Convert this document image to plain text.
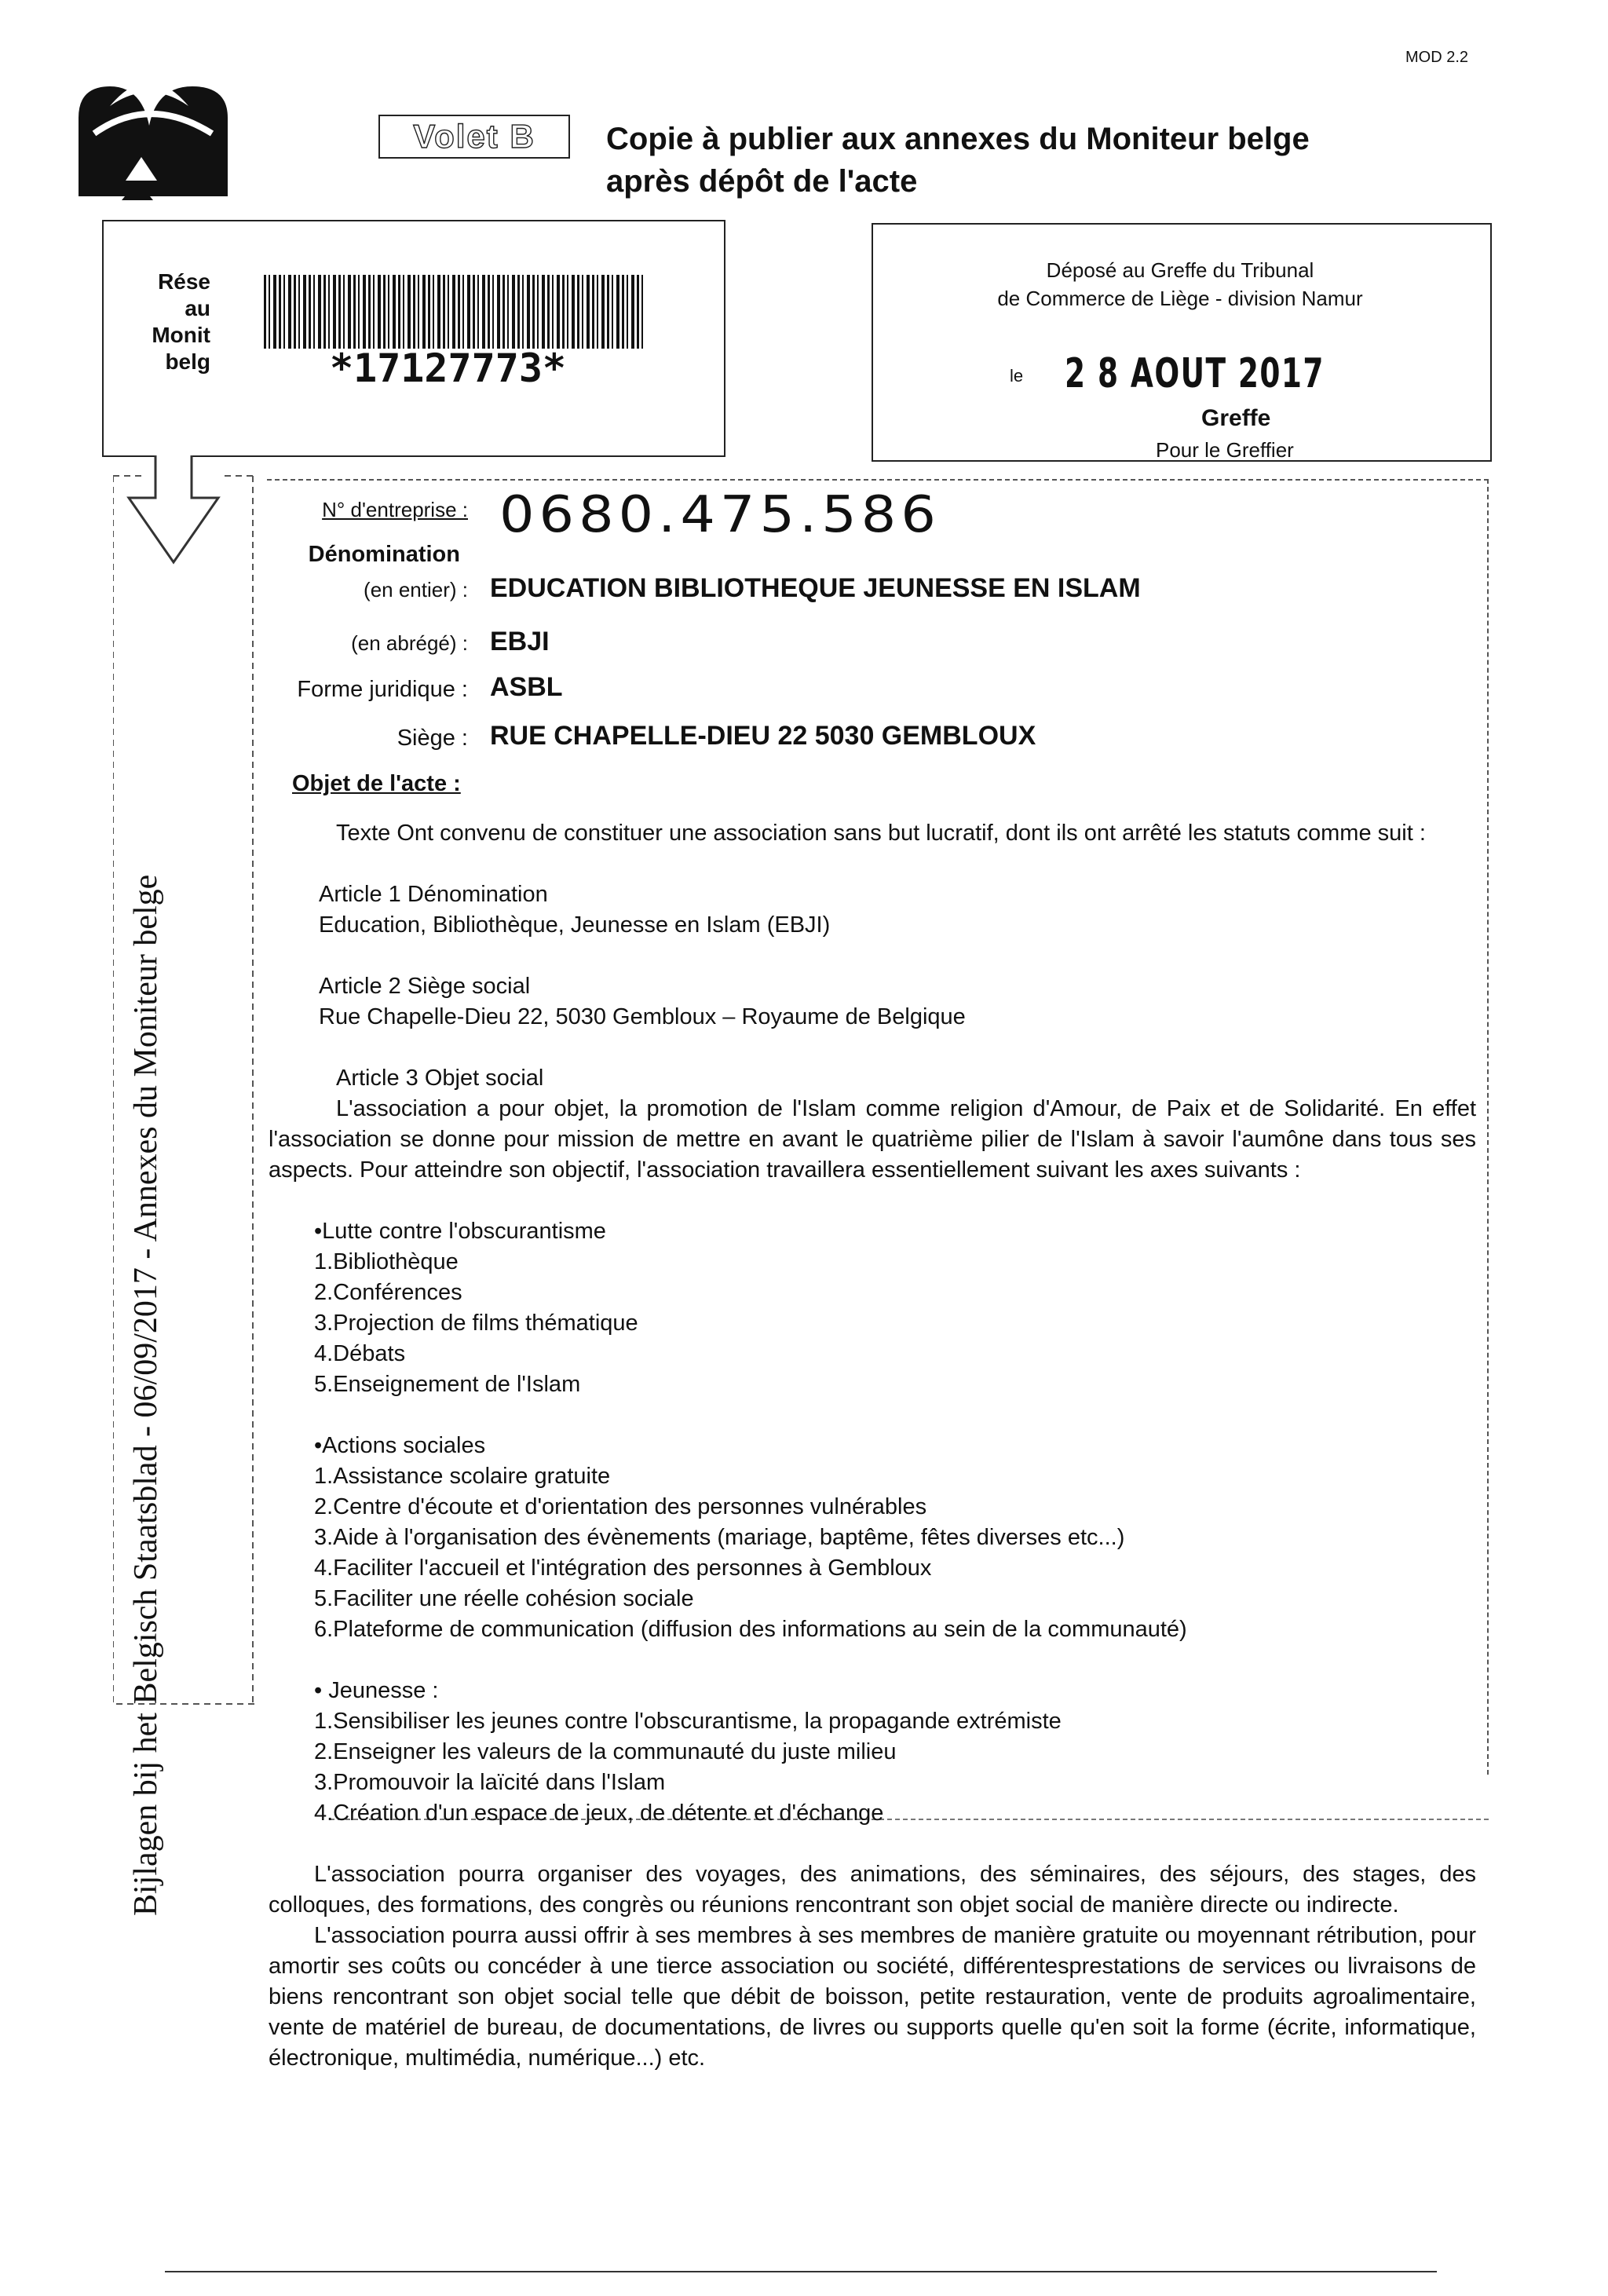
MOD 2.2
Volet B	Copie à publier aux annexes du Moniteur belge
après dépôt de l'acte
Rése
au
Monit
belg	*17127773*
Déposé au Greffe du Tribunal
de Commerce de Liège - division Namur
le 2 8 AOUT 2017
Greffe
Pour le Greffier
Bijlagen bij het Belgisch Staatsblad - 06/09/2017 - Annexes du Moniteur belge
N° d'entreprise : 0680.475.586
Dénomination
(en entier) : EDUCATION BIBLIOTHEQUE JEUNESSE EN ISLAM
(en abrégé) : EBJI
Forme juridique : ASBL
Siège : RUE CHAPELLE-DIEU 22 5030 GEMBLOUX
Objet de l'acte :

Texte Ont convenu de constituer une association sans but lucratif, dont ils ont arrêté les statuts comme suit :

Article 1 Dénomination

Education, Bibliothèque, Jeunesse en Islam (EBJI)

Article 2 Siège social

Rue Chapelle-Dieu 22, 5030 Gembloux – Royaume de Belgique

Article 3 Objet social

L'association a pour objet, la promotion de l'Islam comme religion d'Amour, de Paix et de Solidarité. En effet l'association se donne pour mission de mettre en avant le quatrième pilier de l'Islam à savoir l'aumône dans tous ses aspects. Pour atteindre son objectif, l'association travaillera essentiellement suivant les axes suivants :

•Lutte contre l'obscurantisme

1.Bibliothèque

2.Conférences

3.Projection de films thématique

4.Débats

5.Enseignement de l'Islam

•Actions sociales

1.Assistance scolaire gratuite

2.Centre d'écoute et d'orientation des personnes vulnérables

3.Aide à l'organisation des évènements (mariage, baptême, fêtes diverses etc...)

4.Faciliter l'accueil et l'intégration des personnes à Gembloux

5.Faciliter une réelle cohésion sociale

6.Plateforme de communication (diffusion des informations au sein de la communauté)

• Jeunesse :

1.Sensibiliser les jeunes contre l'obscurantisme, la propagande extrémiste

2.Enseigner les valeurs de la communauté du juste milieu

3.Promouvoir la laïcité dans l'Islam

4.Création d'un espace de jeux, de détente et d'échange

L'association pourra organiser des voyages, des animations, des séminaires, des séjours, des stages, des colloques, des formations, des congrès ou réunions rencontrant son objet social de manière directe ou indirecte.

L'association pourra aussi offrir à ses membres à ses membres de manière gratuite ou moyennant rétribution, pour amortir ses coûts ou concéder à une tierce association ou société, différentesprestations de services ou livraisons de biens rencontrant son objet social telle que débit de boisson, petite restauration, vente de produits agroalimentaire, vente de matériel de bureau, de documentations, de livres ou supports quelle qu'en soit la forme (écrite, informatique, électronique, multimédia, numérique...) etc.
